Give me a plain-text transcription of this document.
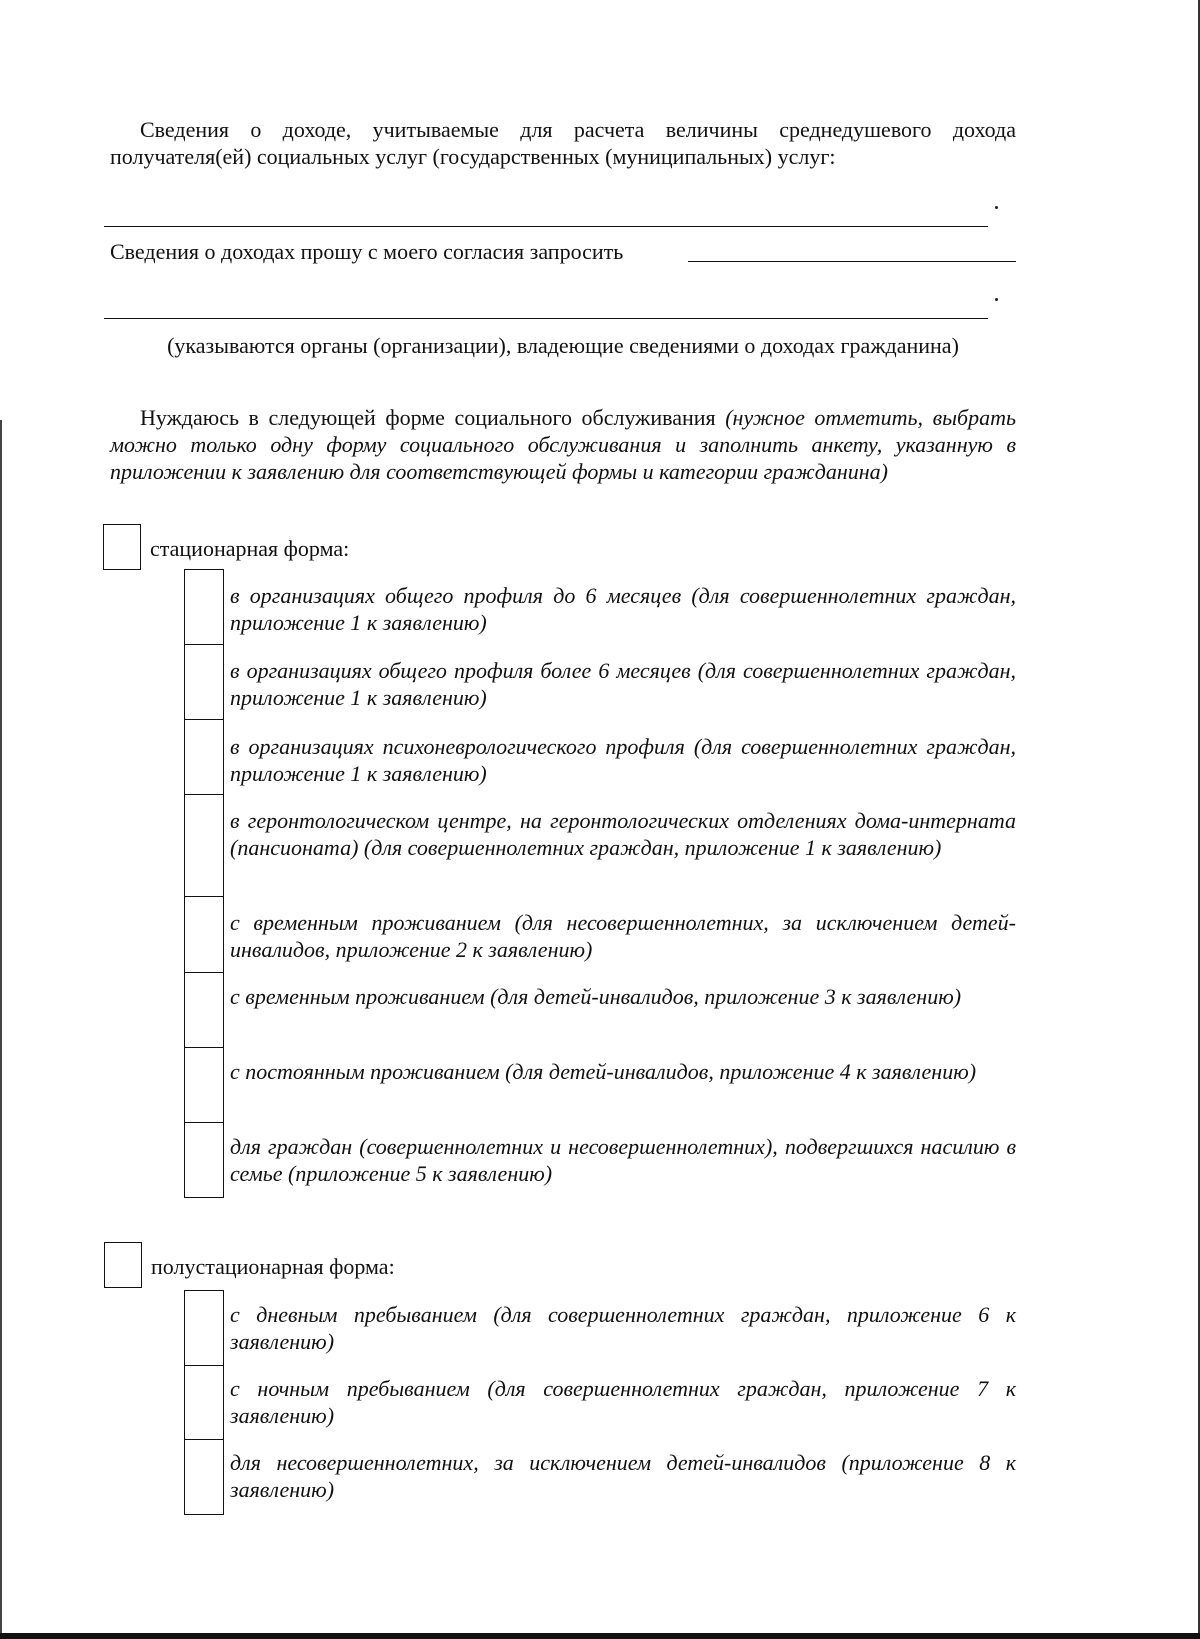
Сведения о доходе, учитываемые для расчета величины среднедушевого дохода получателя(ей) социальных услуг (государственных (муниципальных) услуг:
Сведения о доходах прошу с моего согласия запросить
(указываются органы (организации), владеющие сведениями о доходах гражданина)
Нуждаюсь в следующей форме социального обслуживания (нужное отметить, выбрать можно только одну форму социального обслуживания и заполнить анкету, указанную в приложении к заявлению для соответствующей формы и категории гражданина)
стационарная форма:
в организациях общего профиля до 6 месяцев (для совершеннолетних граждан, приложение 1 к заявлению)
в организациях общего профиля более 6 месяцев (для совершеннолетних граждан, приложение 1 к заявлению)
в организациях психоневрологического профиля (для совершеннолетних граждан, приложение 1 к заявлению)
в геронтологическом центре, на геронтологических отделениях дома-интерната (пансионата) (для совершеннолетних граждан, приложение 1 к заявлению)
с временным проживанием (для несовершеннолетних, за исключением детей-инвалидов, приложение 2 к заявлению)
с временным проживанием (для детей-инвалидов, приложение 3 к заявлению)
с постоянным проживанием (для детей-инвалидов, приложение 4 к заявлению)
для граждан (совершеннолетних и несовершеннолетних), подвергшихся насилию в семье (приложение 5 к заявлению)
полустационарная форма:
с дневным пребыванием (для совершеннолетних граждан, приложение 6 к заявлению)
с ночным пребыванием (для совершеннолетних граждан, приложение 7 к заявлению)
для несовершеннолетних, за исключением детей-инвалидов (приложение 8 к заявлению)
